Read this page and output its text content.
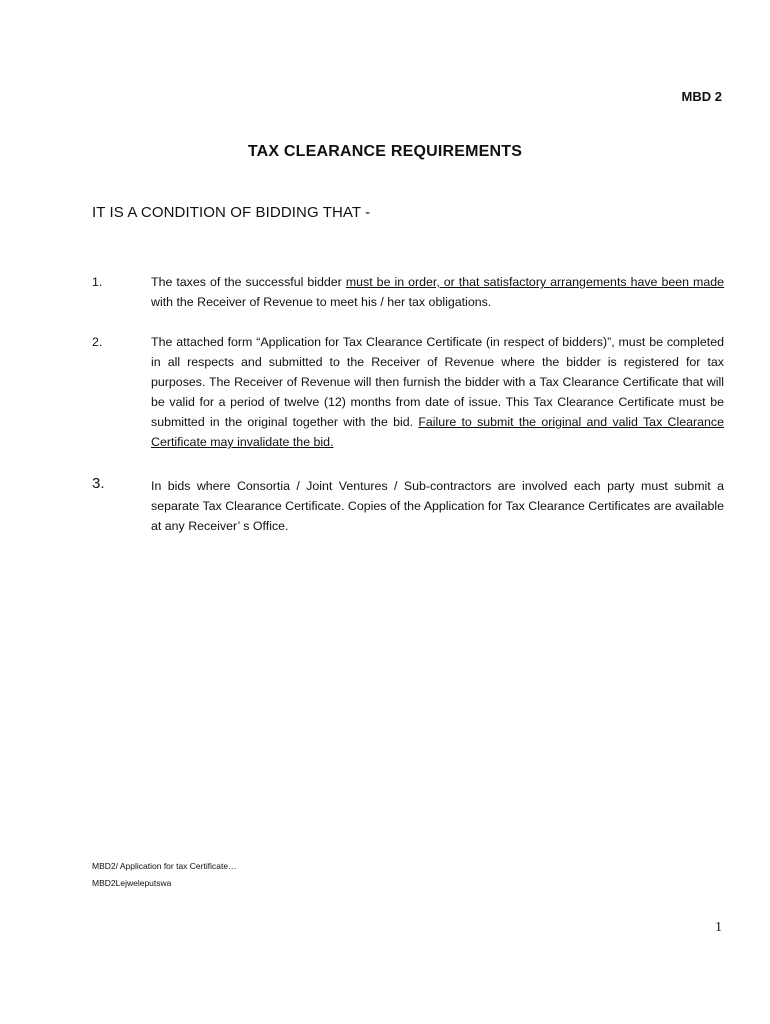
MBD 2
TAX CLEARANCE REQUIREMENTS
IT IS A CONDITION OF BIDDING THAT -
1.	The taxes of the successful bidder must be in order, or that satisfactory arrangements have been made with the Receiver of Revenue to meet his / her tax obligations.
2.	The attached form “Application for Tax Clearance Certificate (in respect of bidders)”, must be completed in all respects and submitted to the Receiver of Revenue where the bidder is registered for tax purposes. The Receiver of Revenue will then furnish the bidder with a Tax Clearance Certificate that will be valid for a period of twelve (12) months from date of issue. This Tax Clearance Certificate must be submitted in the original together with the bid. Failure to submit the original and valid Tax Clearance Certificate may invalidate the bid.
3.	In bids where Consortia / Joint Ventures / Sub-contractors are involved each party must submit a separate Tax Clearance Certificate. Copies of the Application for Tax Clearance Certificates are available at any Receiver’ s Office.
MBD2/ Application for tax Certificate…
MBD2Lejweleputswa
1
